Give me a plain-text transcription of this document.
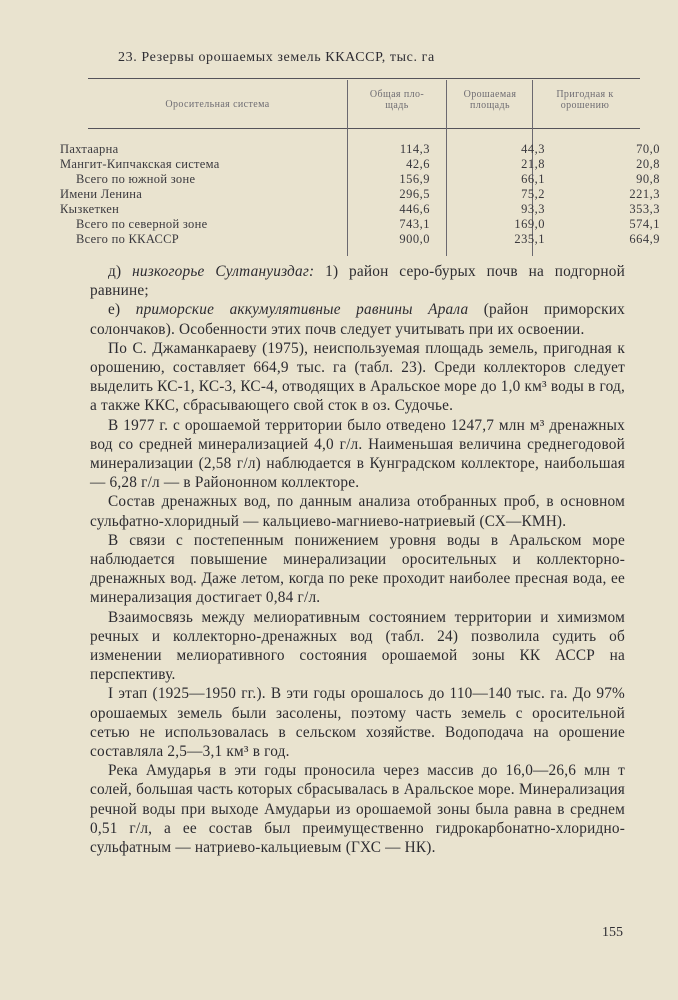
23. Резервы орошаемых земель ККАССР, тыс. га
Оросительная система
Общая пло-
щадь
Орошаемая
площадь
Пригодная к
орошению
Пахтаарна	114,3	44,3	70,0
Мангит-Кипчакская система	42,6	21,8	20,8
Всего по южной зоне	156,9	66,1	90,8
Имени Ленина	296,5	75,2	221,3
Кызкеткен	446,6	93,3	353,3
Всего по северной зоне	743,1	169,0	574,1
Всего по ККАССР	900,0	235,1	664,9

д) низкогорье Султануиздаг: 1) район серо-бурых почв на подгорной равнине;

е) приморские аккумулятивные равнины Арала (район приморских солончаков). Особенности этих почв следует учитывать при их освоении.

По С. Джаманкараеву (1975), неиспользуемая площадь земель, пригодная к орошению, составляет 664,9 тыс. га (табл. 23). Среди коллекторов следует выделить КС-1, КС-3, КС-4, отводящих в Аральское море до 1,0 км³ воды в год, а также ККС, сбрасывающего свой сток в оз. Судочье.

В 1977 г. с орошаемой территории было отведено 1247,7 млн м³ дренажных вод со средней минерализацией 4,0 г/л. Наименьшая величина среднегодовой минерализации (2,58 г/л) наблюдается в Кунградском коллекторе, наибольшая — 6,28 г/л — в Райононном коллекторе.

Состав дренажных вод, по данным анализа отобранных проб, в основном сульфатно-хлоридный — кальциево-магниево-натриевый (СХ—КМН).

В связи с постепенным понижением уровня воды в Аральском море наблюдается повышение минерализации оросительных и коллекторно-дренажных вод. Даже летом, когда по реке проходит наиболее пресная вода, ее минерализация достигает 0,84 г/л.

Взаимосвязь между мелиоративным состоянием территории и химизмом речных и коллекторно-дренажных вод (табл. 24) позволила судить об изменении мелиоративного состояния орошаемой зоны КК АССР на перспективу.

I этап (1925—1950 гг.). В эти годы орошалось до 110—140 тыс. га. До 97% орошаемых земель были засолены, поэтому часть земель с оросительной сетью не использовалась в сельском хозяйстве. Водоподача на орошение составляла 2,5—3,1 км³ в год.

Река Амударья в эти годы проносила через массив до 16,0—26,6 млн т солей, большая часть которых сбрасывалась в Аральское море. Минерализация речной воды при выходе Амударьи из орошаемой зоны была равна в среднем 0,51 г/л, а ее состав был преимущественно гидрокарбонатно-хлоридно-сульфатным — натриево-кальциевым (ГХС — НК).

155
